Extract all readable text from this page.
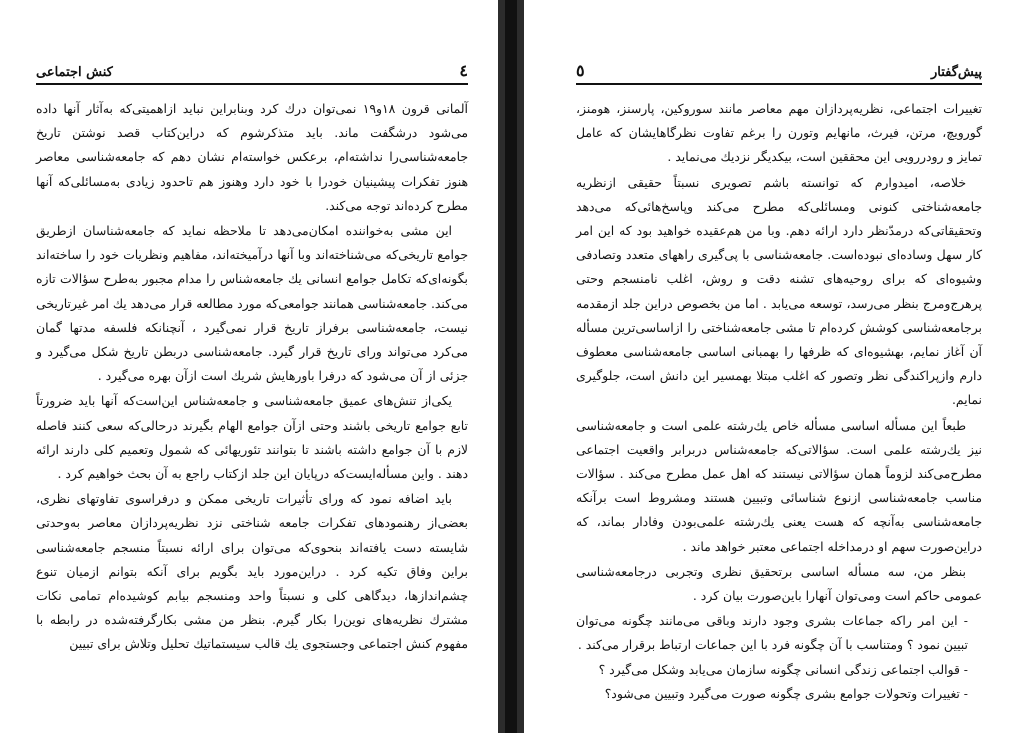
٤
کنش اجتماعی

آلمانی قرون ۱۸و۱۹ نمی‌توان درك كرد وبنابراین نباید ازاهمیتی‌كه به‌آثار آنها داده می‌شود درشگفت ماند. باید متذكرشوم كه دراین‌كتاب قصد نوشتن تاریخ جامعه‌شناسی‌را نداشته‌ام، برعكس خواسته‌ام نشان دهم كه جامعه‌شناسی معاصر هنوز تفكرات پیشینیان خودرا با خود دارد وهنوز هم تاحدود زیادی به‌مسائلی‌كه آنها مطرح كرده‌اند توجه می‌كند.

این مشی به‌خواننده امكان‌می‌دهد تا ملاحظه نماید كه جامعه‌شناسان ازطریق جوامع تاریخی‌كه می‌شناخته‌اند وبا آنها درآمیخته‌اند، مفاهیم ونظریات خود را ساخته‌اند بگونه‌ای‌كه تكامل جوامع انسانی یك جامعه‌شناس را مدام مجبور به‌طرح سؤالات تازه می‌كند. جامعه‌شناسی همانند جوامعی‌كه مورد مطالعه قرار می‌دهد یك امر غیرتاریخی نیست، جامعه‌شناسی برفراز تاریخ قرار نمی‌گیرد ، آنچنانكه فلسفه مدتها گمان می‌كرد می‌تواند وراى تاریخ قرار گیرد. جامعه‌شناسی دربطن تاریخ شكل می‌گیرد و جزئی از آن می‌شود كه درفرا باورهایش شریك است ازآن بهره می‌گیرد .

یكی‌از تنش‌های عمیق جامعه‌شناسی و جامعه‌شناس این‌است‌كه آنها باید ضرورتاً تابع جوامع تاریخی باشند وحتی ازآن جوامع الهام بگیرند درحالی‌كه سعی كنند فاصله لازم با آن جوامع داشته باشند تا بتوانند تئوریهائی كه شمول وتعمیم كلی دارند ارائه دهند . واین مسأله‌ایست‌كه درپایان این جلد ازكتاب راجع به آن بحث خواهیم كرد .

باید اضافه نمود كه وراى تأثیرات تاریخی ممكن و درفراسوی تفاوتهای نظری، بعضی‌از رهنمودهای تفكرات جامعه شناختی نزد نظریه‌پردازان معاصر به‌وحدتی شایسته دست یافته‌اند بنحوی‌كه می‌توان برای ارائه نسبتاً منسجم جامعه‌شناسی براین وفاق تكیه كرد . دراین‌مورد باید بگویم برای آنكه بتوانم ازمیان تنوع چشم‌اندازها، دیدگاهی كلی و نسبتاً واحد ومنسجم بیابم كوشیده‌ام تمامی نكات مشترك نظریه‌های نوین‌را بكار گیرم. بنظر من مشی بكارگرفته‌شده در رابطه با مفهوم كنش اجتماعی وجستجوی یك قالب سیستماتیك تحلیل وتلاش برای تبیین

پیش‌گفتار
٥

تغییرات اجتماعی، نظریه‌پردازان مهم معاصر مانند سوروكین، پارسنز، هومنز، گورویچ، مرتن، فیرث، مانهایم وتورن را برغم تفاوت نظرگاهایشان كه عامل تمایز و رودررویی این محققین است، بیكدیگر نزدیك می‌نماید .

خلاصه، امیدوارم كه توانسته باشم تصویری نسبتاً حقیقی ازنظریه جامعه‌شناختی كنونی ومسائلی‌كه مطرح می‌كند وپاسخ‌هائی‌كه می‌دهد وتحقیقاتی‌كه درمدّنظر دارد ارائه دهم. وبا من هم‌عقیده خواهید بود كه این امر كار سهل وساده‌ای نبوده‌است. جامعه‌شناسی با پی‌گیری راههای متعدد وتصادفی وشیوه‌ای كه برای روحیه‌های تشنه دقت و روش، اغلب نامنسجم وحتی پرهرج‌ومرج بنظر می‌رسد، توسعه می‌یابد . اما من بخصوص دراین جلد ازمقدمه برجامعه‌شناسی كوشش كرده‌ام تا مشی جامعه‌شناختی را ازاساسی‌ترین مسأله آن آغاز نمایم، بهشیوه‌ای كه ظرفها را بهمبانی اساسی جامعه‌شناسی معطوف دارم وازپراكندگی نظر وتصور كه اغلب مبتلا بهمسیر این دانش است، جلوگیری نمایم.

طبعاً این مسأله اساسی مسأله خاص یك‌رشته علمی است و جامعه‌شناسی نیز یك‌رشته علمی است. سؤالاتی‌كه جامعه‌شناس دربرابر واقعیت اجتماعی مطرح‌می‌كند لزوماً همان سؤالاتی نیستند كه اهل عمل مطرح می‌كند . سؤالات مناسب جامعه‌شناسی ازنوع شناسائی وتبیین هستند ومشروط است برآنكه جامعه‌شناسی به‌آنچه كه هست یعنی یك‌رشته علمی‌بودن وفادار بماند، كه دراین‌صورت سهم او درمداخله اجتماعی معتبر خواهد ماند .

بنظر من، سه مسأله اساسی برتحقیق نظری وتجربی درجامعه‌شناسی عمومی حاكم است ومی‌توان آنهارا باین‌صورت بیان كرد .

- این امر راكه جماعات بشری وجود دارند وباقی می‌مانند چگونه می‌توان تبیین نمود ؟ ومتناسب با آن چگونه فرد با این جماعات ارتباط برقرار می‌كند .

- قوالب اجتماعی زندگی انسانی چگونه سازمان می‌یابد وشكل می‌گیرد ؟

- تغییرات وتحولات جوامع بشری چگونه صورت می‌گیرد وتبیین می‌شود؟
